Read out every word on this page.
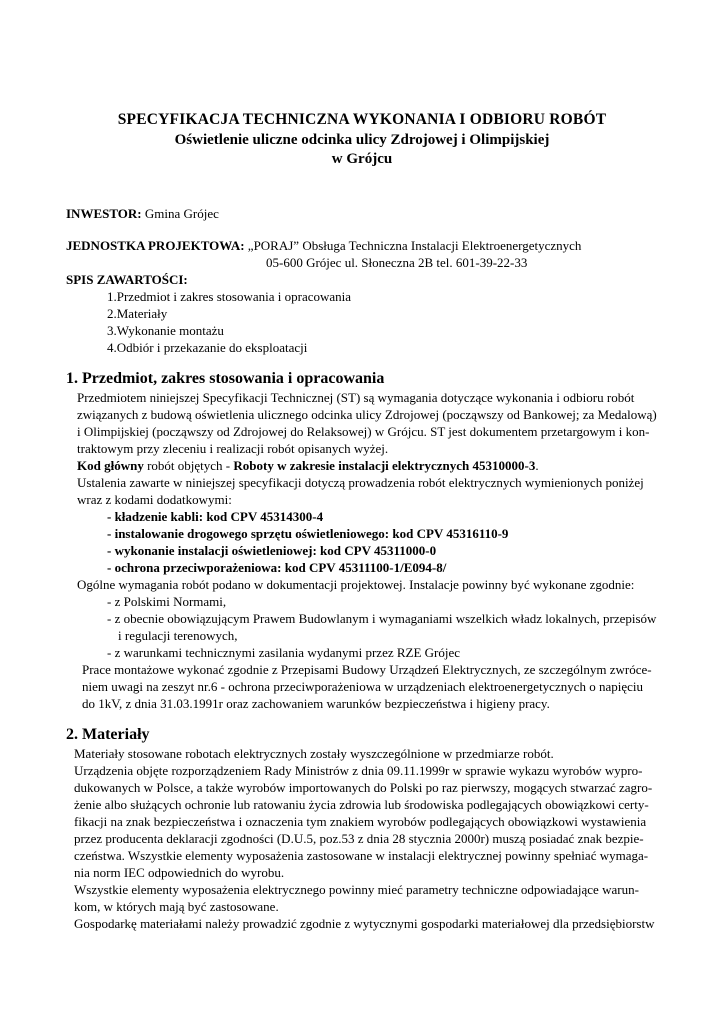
SPECYFIKACJA TECHNICZNA WYKONANIA I ODBIORU ROBÓT
Oświetlenie uliczne odcinka ulicy Zdrojowej i Olimpijskiej
w Grójcu
INWESTOR: Gmina Grójec
JEDNOSTKA PROJEKTOWA: „PORAJ” Obsługa Techniczna Instalacji Elektroenergetycznych
05-600 Grójec ul. Słoneczna 2B tel. 601-39-22-33
SPIS ZAWARTOŚCI:
1.Przedmiot i zakres stosowania i opracowania
2.Materiały
3.Wykonanie montażu
4.Odbiór i przekazanie do eksploatacji
1. Przedmiot, zakres stosowania i opracowania
Przedmiotem niniejszej Specyfikacji Technicznej (ST) są wymagania dotyczące wykonania i odbioru robót
związanych z budową oświetlenia ulicznego odcinka ulicy Zdrojowej (począwszy od Bankowej; za Medalową)
i Olimpijskiej (począwszy od Zdrojowej do Relaksowej) w Grójcu. ST jest dokumentem przetargowym i kon-
traktowym przy zleceniu i realizacji robót opisanych wyżej.
Kod główny robót objętych - Roboty w zakresie instalacji elektrycznych 45310000-3.
Ustalenia zawarte w niniejszej specyfikacji dotyczą prowadzenia robót elektrycznych wymienionych poniżej
wraz z kodami dodatkowymi:
- kładzenie kabli: kod CPV 45314300-4
- instalowanie drogowego sprzętu oświetleniowego: kod CPV 45316110-9
- wykonanie instalacji oświetleniowej: kod CPV 45311000-0
- ochrona przeciwporażeniowa: kod CPV 45311100-1/E094-8/
Ogólne wymagania robót podano w dokumentacji projektowej. Instalacje powinny być wykonane zgodnie:
- z Polskimi Normami,
- z obecnie obowiązującym Prawem Budowlanym i wymaganiami wszelkich władz lokalnych, przepisów
i regulacji terenowych,
- z warunkami technicznymi zasilania wydanymi przez RZE Grójec
Prace montażowe wykonać zgodnie z Przepisami Budowy Urządzeń Elektrycznych, ze szczególnym zwróce-
niem uwagi na zeszyt nr.6 - ochrona przeciwporażeniowa w urządzeniach elektroenergetycznych o napięciu
do 1kV, z dnia 31.03.1991r oraz zachowaniem warunków bezpieczeństwa i higieny pracy.
2. Materiały
Materiały stosowane robotach elektrycznych zostały wyszczególnione w przedmiarze robót.
Urządzenia objęte rozporządzeniem Rady Ministrów z dnia 09.11.1999r w sprawie wykazu wyrobów wypro-
dukowanych w Polsce, a także wyrobów importowanych do Polski po raz pierwszy, mogących stwarzać zagro-
żenie albo służących ochronie lub ratowaniu życia zdrowia lub środowiska podlegających obowiązkowi certy-
fikacji na znak bezpieczeństwa i oznaczenia tym znakiem wyrobów podlegających obowiązkowi wystawienia
przez producenta deklaracji zgodności (D.U.5, poz.53 z dnia 28 stycznia 2000r) muszą posiadać znak bezpie-
czeństwa. Wszystkie elementy wyposażenia zastosowane w instalacji elektrycznej powinny spełniać wymaga-
nia norm IEC odpowiednich do wyrobu.
Wszystkie elementy wyposażenia elektrycznego powinny mieć parametry techniczne odpowiadające warun-
kom, w których mają być zastosowane.
Gospodarkę materiałami należy prowadzić zgodnie z wytycznymi gospodarki materiałowej dla przedsiębiorstw
